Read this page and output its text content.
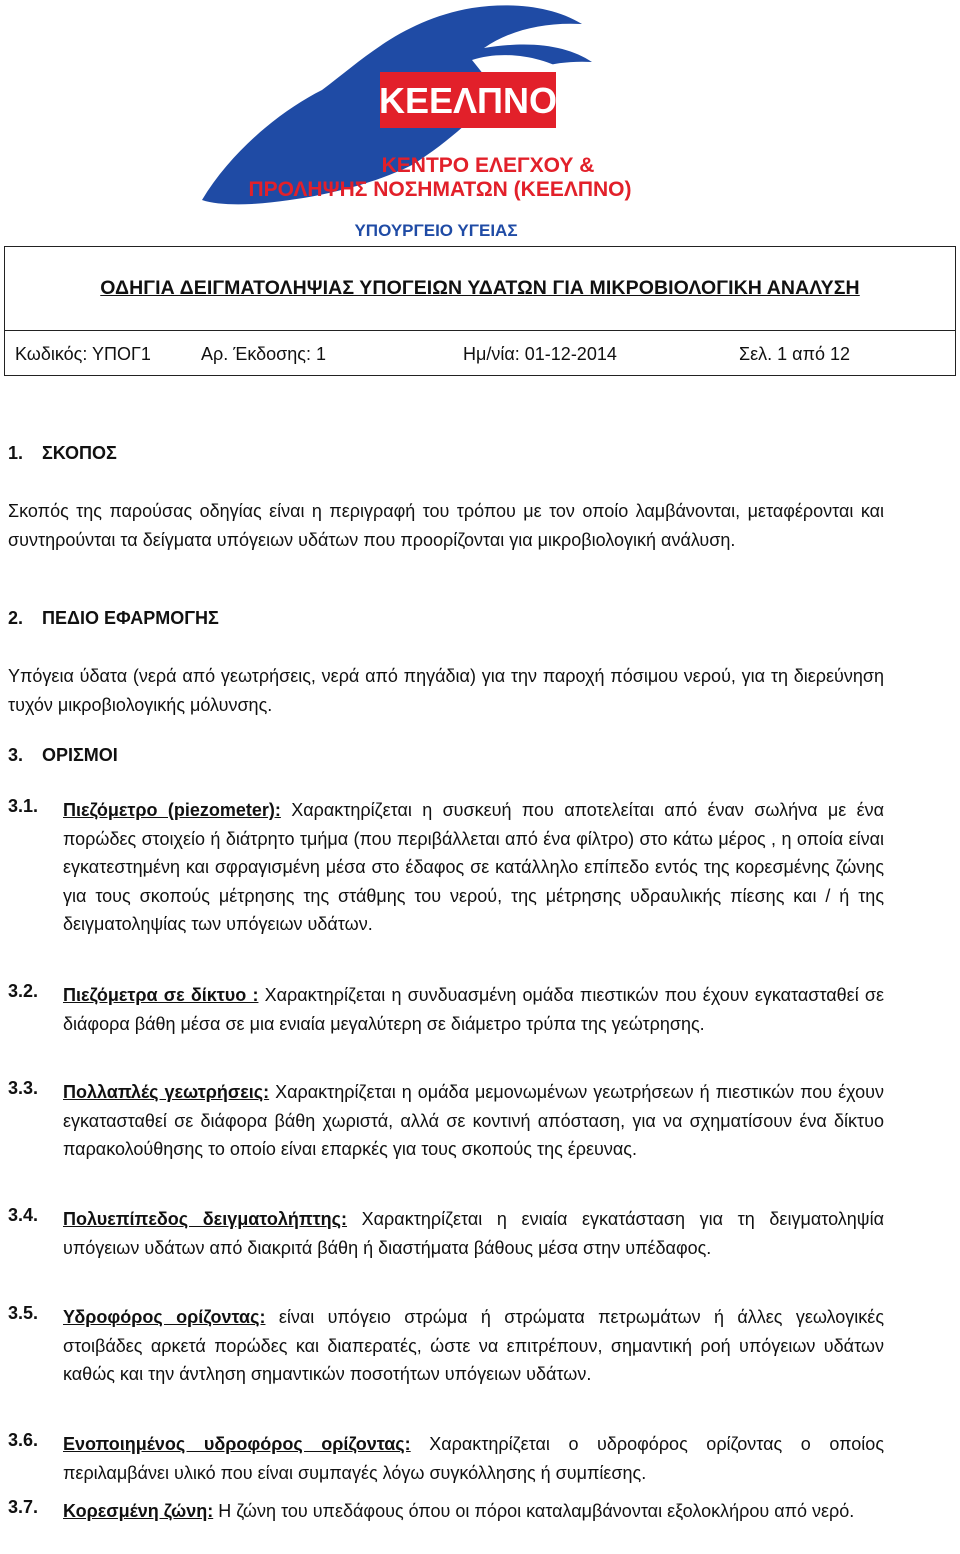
ΚΕΕΛΠΝΟ
ΚΕΝΤΡΟ ΕΛΕΓΧΟΥ &
ΠΡΟΛΗΨΗΣ ΝΟΣΗΜΑΤΩΝ (ΚΕΕΛΠΝΟ)
ΥΠΟΥΡΓΕΙΟ ΥΓΕΙΑΣ
ΟΔΗΓΙΑ ΔΕΙΓΜΑΤΟΛΗΨΙΑΣ ΥΠΟΓΕΙΩΝ ΥΔΑΤΩΝ ΓΙΑ ΜΙΚΡΟΒΙΟΛΟΓΙΚΗ ΑΝΑΛΥΣΗ
Κωδικός: ΥΠΟΓ1	Αρ. Έκδοσης: 1	Ημ/νία: 01-12-2014	Σελ. 1 από 12
1. ΣΚΟΠΟΣ

Σκοπός της παρούσας οδηγίας είναι η περιγραφή του τρόπου με τον οποίο λαμβάνονται, μεταφέρονται και συντηρούνται τα δείγματα υπόγειων υδάτων που προορίζονται για μικροβιολογική ανάλυση.

2. ΠΕΔΙΟ ΕΦΑΡΜΟΓΗΣ

Υπόγεια ύδατα (νερά από γεωτρήσεις, νερά από πηγάδια) για την παροχή πόσιμου νερού, για τη διερεύνηση τυχόν μικροβιολογικής μόλυνσης.

3. ΟΡΙΣΜΟΙ
3.1. Πιεζόμετρο (piezometer): Χαρακτηρίζεται η συσκευή που αποτελείται από έναν σωλήνα με ένα πορώδες στοιχείο ή διάτρητο τμήμα (που περιβάλλεται από ένα φίλτρο) στο κάτω μέρος , η οποία είναι εγκατεστημένη και σφραγισμένη μέσα στο έδαφος σε κατάλληλο επίπεδο εντός της κορεσμένης ζώνης για τους σκοπούς μέτρησης της στάθμης του νερού, της μέτρησης υδραυλικής πίεσης και / ή της δειγματοληψίας των υπόγειων υδάτων.

3.2. Πιεζόμετρα σε δίκτυο : Χαρακτηρίζεται η συνδυασμένη ομάδα πιεστικών που έχουν εγκατασταθεί σε διάφορα βάθη μέσα σε μια ενιαία μεγαλύτερη σε διάμετρο τρύπα της γεώτρησης.

3.3. Πολλαπλές γεωτρήσεις: Χαρακτηρίζεται η ομάδα μεμονωμένων γεωτρήσεων ή πιεστικών που έχουν εγκατασταθεί σε διάφορα βάθη χωριστά, αλλά σε κοντινή απόσταση, για να σχηματίσουν ένα δίκτυο παρακολούθησης το οποίο είναι επαρκές για τους σκοπούς της έρευνας.

3.4. Πολυεπίπεδος δειγματολήπτης: Χαρακτηρίζεται η ενιαία εγκατάσταση για τη δειγματοληψία υπόγειων υδάτων από διακριτά βάθη ή διαστήματα βάθους μέσα στην υπέδαφος.

3.5. Υδροφόρος ορίζοντας: είναι υπόγειο στρώμα ή στρώματα πετρωμάτων ή άλλες γεωλογικές στοιβάδες αρκετά πορώδες και διαπερατές, ώστε να επιτρέπουν, σημαντική ροή υπόγειων υδάτων καθώς και την άντληση σημαντικών ποσοτήτων υπόγειων υδάτων.

3.6. Ενοποιημένος υδροφόρος ορίζοντας: Χαρακτηρίζεται ο υδροφόρος ορίζοντας ο οποίος περιλαμβάνει υλικό που είναι συμπαγές λόγω συγκόλλησης ή συμπίεσης.

3.7. Κορεσμένη ζώνη: Η ζώνη του υπεδάφους όπου οι πόροι καταλαμβάνονται εξολοκλήρου από νερό.
